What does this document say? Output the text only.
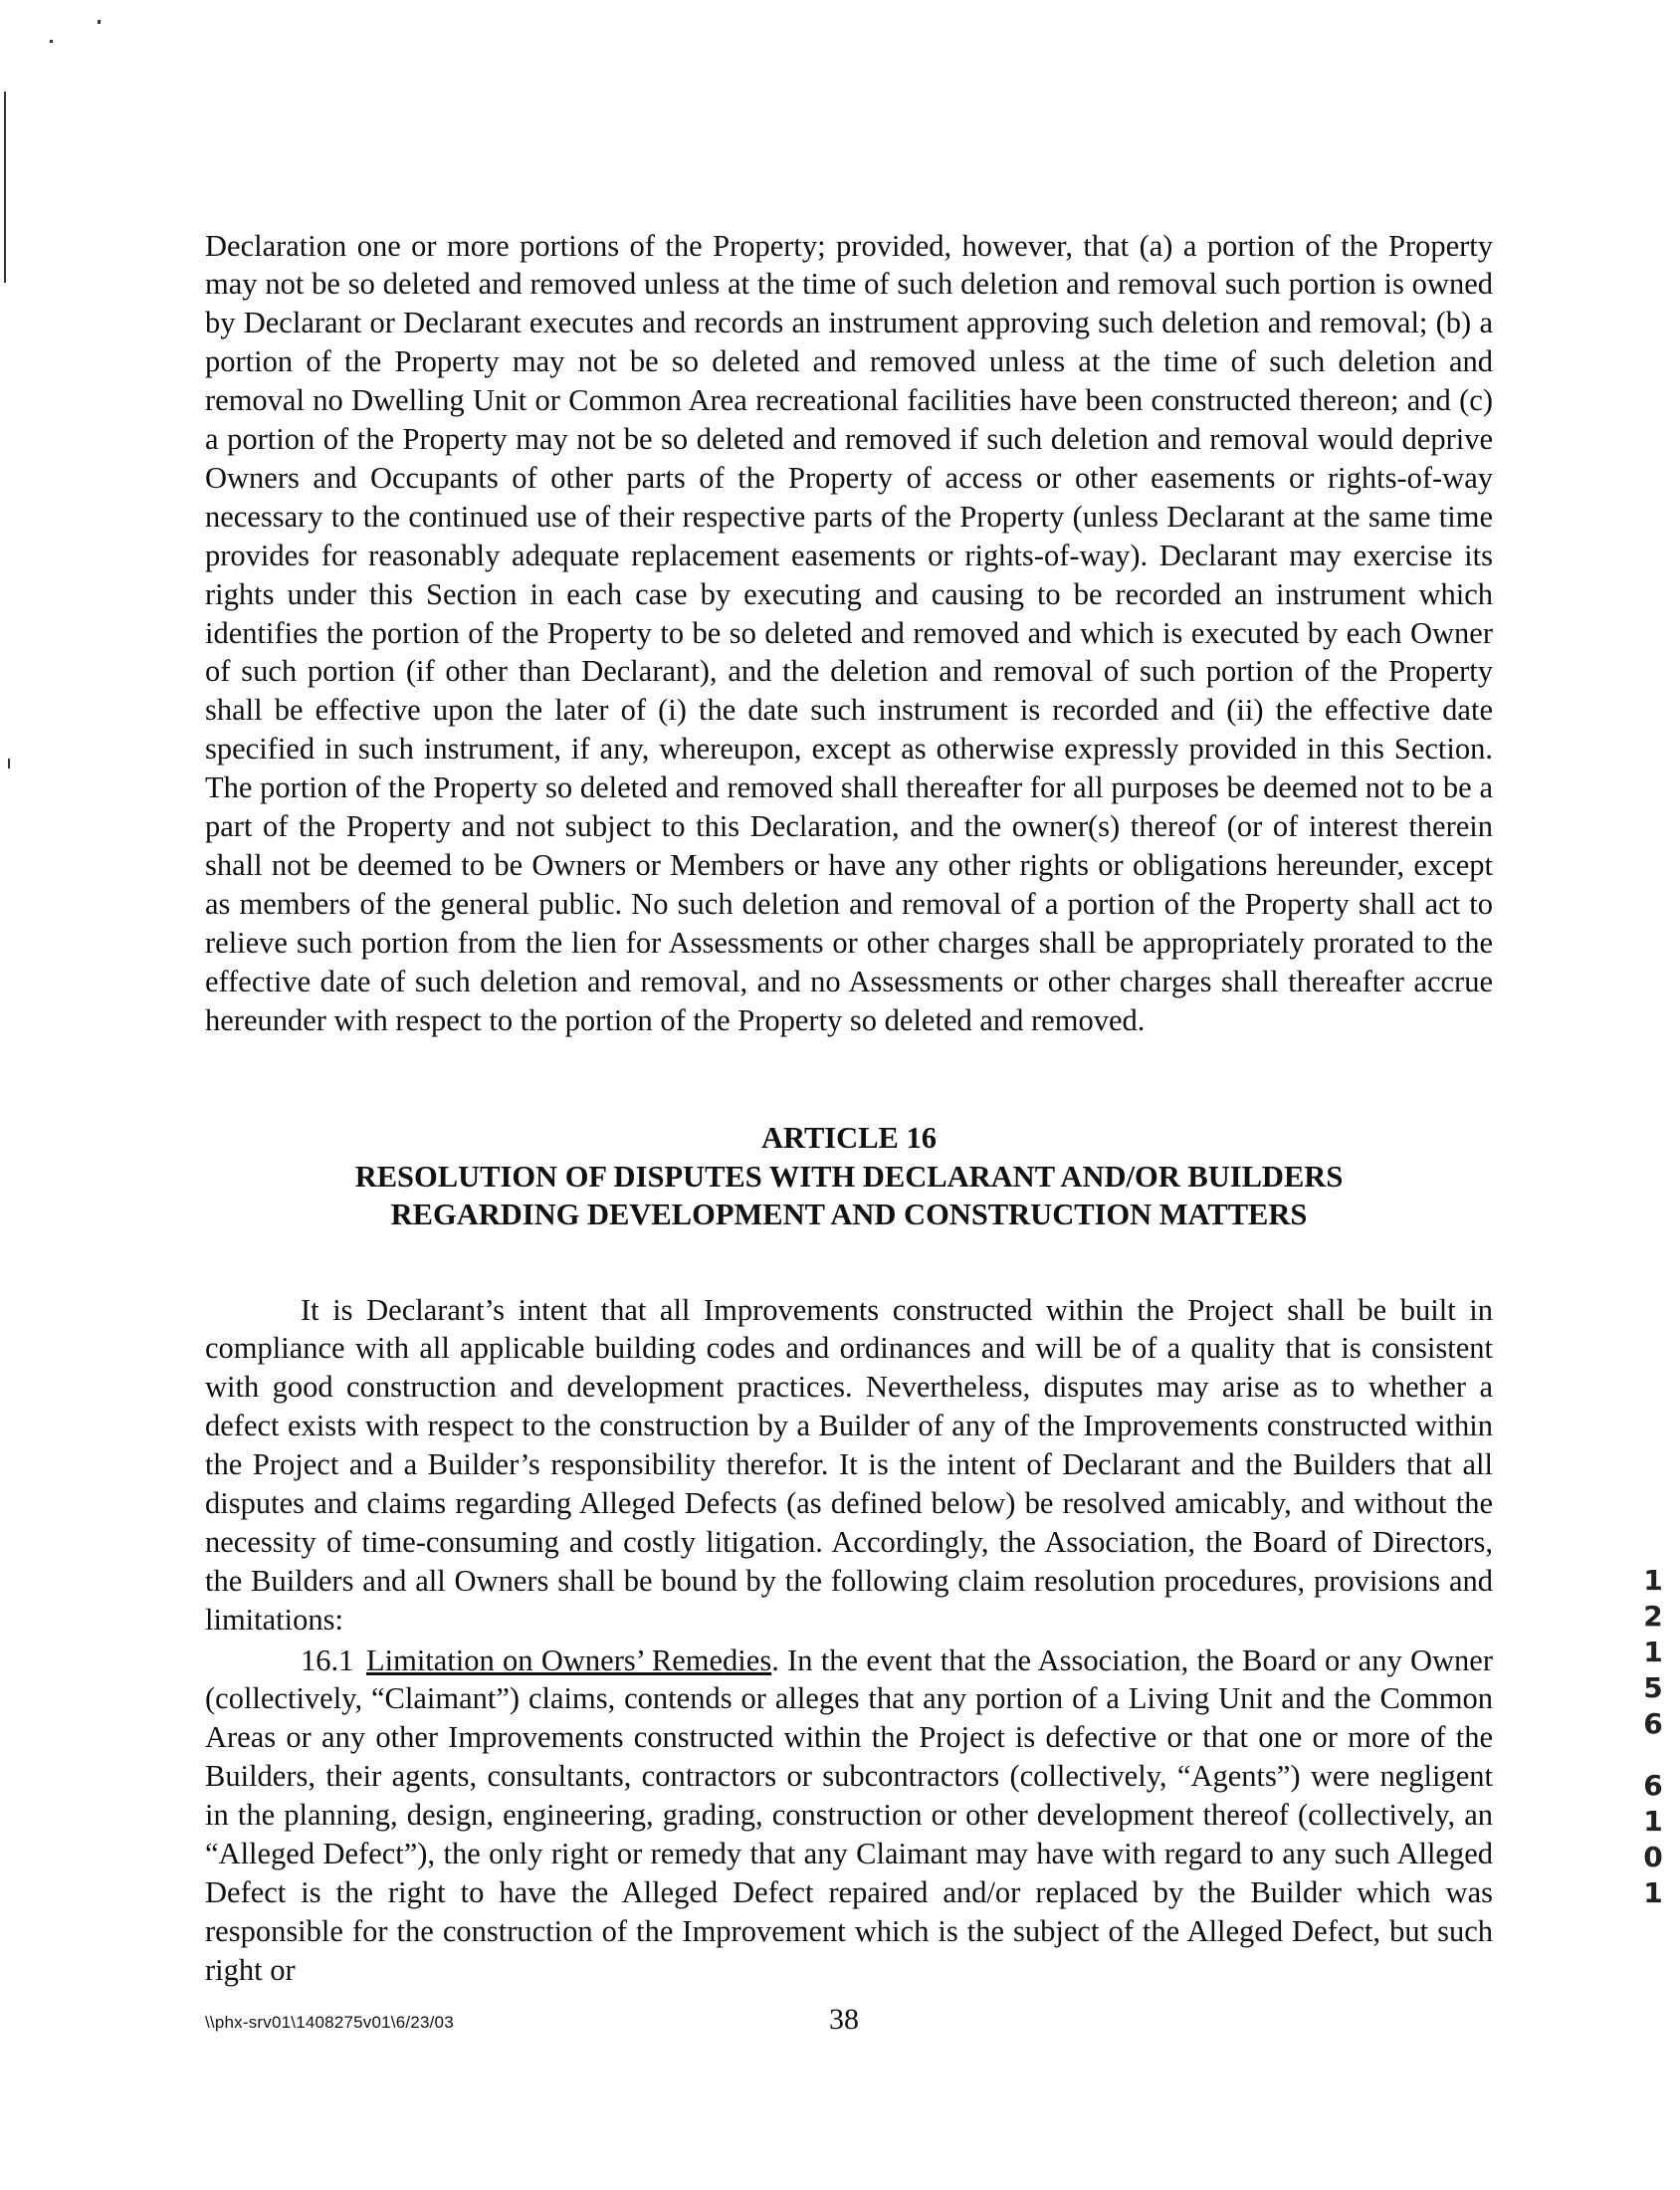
Declaration one or more portions of the Property; provided, however, that (a) a portion of the Property may not be so deleted and removed unless at the time of such deletion and removal such portion is owned by Declarant or Declarant executes and records an instrument approving such deletion and removal; (b) a portion of the Property may not be so deleted and removed unless at the time of such deletion and removal no Dwelling Unit or Common Area recreational facilities have been constructed thereon; and (c) a portion of the Property may not be so deleted and removed if such deletion and removal would deprive Owners and Occupants of other parts of the Property of access or other easements or rights-of-way necessary to the continued use of their respective parts of the Property (unless Declarant at the same time provides for reasonably adequate replacement easements or rights-of-way). Declarant may exercise its rights under this Section in each case by executing and causing to be recorded an instrument which identifies the portion of the Property to be so deleted and removed and which is executed by each Owner of such portion (if other than Declarant), and the deletion and removal of such portion of the Property shall be effective upon the later of (i) the date such instrument is recorded and (ii) the effective date specified in such instrument, if any, whereupon, except as otherwise expressly provided in this Section. The portion of the Property so deleted and removed shall thereafter for all purposes be deemed not to be a part of the Property and not subject to this Declaration, and the owner(s) thereof (or of interest therein shall not be deemed to be Owners or Members or have any other rights or obligations hereunder, except as members of the general public. No such deletion and removal of a portion of the Property shall act to relieve such portion from the lien for Assessments or other charges shall be appropriately prorated to the effective date of such deletion and removal, and no Assessments or other charges shall thereafter accrue hereunder with respect to the portion of the Property so deleted and removed.

ARTICLE 16
RESOLUTION OF DISPUTES WITH DECLARANT AND/OR BUILDERS
REGARDING DEVELOPMENT AND CONSTRUCTION MATTERS

It is Declarant’s intent that all Improvements constructed within the Project shall be built in compliance with all applicable building codes and ordinances and will be of a quality that is consistent with good construction and development practices. Nevertheless, disputes may arise as to whether a defect exists with respect to the construction by a Builder of any of the Improvements constructed within the Project and a Builder’s responsibility therefor. It is the intent of Declarant and the Builders that all disputes and claims regarding Alleged Defects (as defined below) be resolved amicably, and without the necessity of time-consuming and costly litigation. Accordingly, the Association, the Board of Directors, the Builders and all Owners shall be bound by the following claim resolution procedures, provisions and limitations:

16.1 Limitation on Owners’ Remedies. In the event that the Association, the Board or any Owner (collectively, “Claimant”) claims, contends or alleges that any portion of a Living Unit and the Common Areas or any other Improvements constructed within the Project is defective or that one or more of the Builders, their agents, consultants, contractors or subcontractors (collectively, “Agents”) were negligent in the planning, design, engineering, grading, construction or other development thereof (collectively, an “Alleged Defect”), the only right or remedy that any Claimant may have with regard to any such Alleged Defect is the right to have the Alleged Defect repaired and/or replaced by the Builder which was responsible for the construction of the Improvement which is the subject of the Alleged Defect, but such right or

\\phx-srv01\1408275v01\6/23/03	38
1
2
1
5
6
6
1
0
1
